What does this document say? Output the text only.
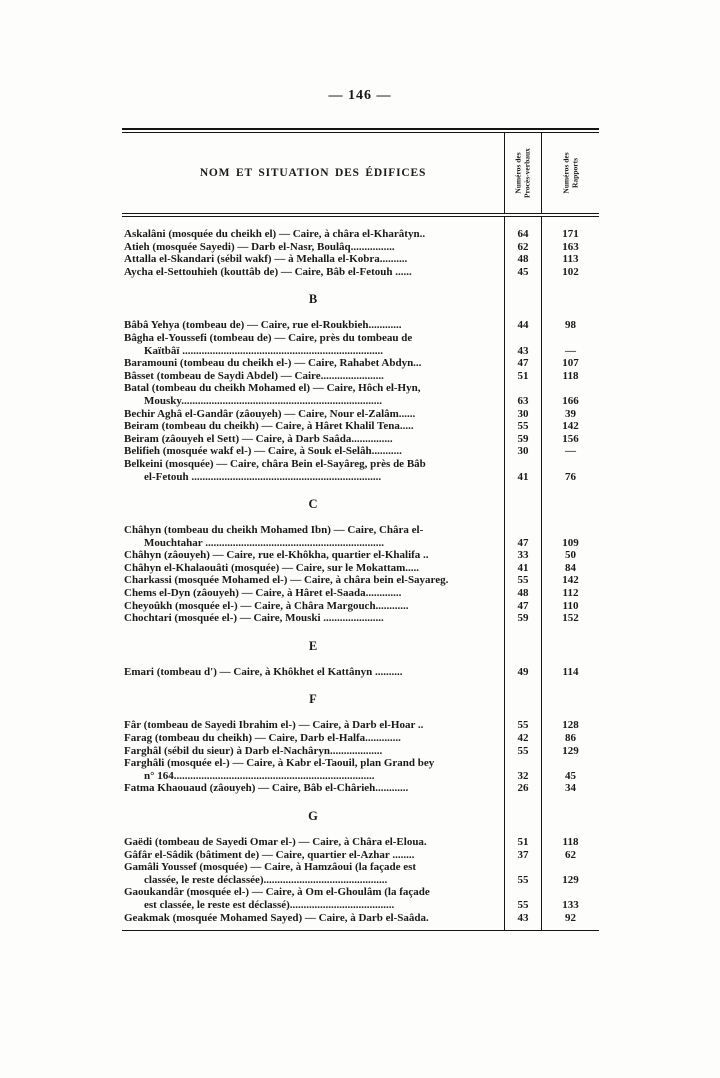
— 146 —
NOM ET SITUATION DES ÉDIFICES	Numéros des Procès-verbaux	Numéros des Rapports
Askalâni (mosquée du cheikh el) — Caire, à châra el-Kharâtyn..	64	171
Atieh (mosquée Sayedi) — Darb el-Nasr, Boulâq................	62	163
Attalla el-Skandari (sébil wakf) — à Mehalla el-Kobra..........	48	113
Aycha el-Settouhieh (kouttâb de) — Caire, Bâb el-Fetouh ......	45	102
B
Bâbâ Yehya (tombeau de) — Caire, rue el-Roukbieh............	44	98
Bâgha el-Youssefi (tombeau de) — Caire, près du tombeau de
Kaïtbâï .........................................................................	43	—
Baramouni (tombeau du cheikh el-) — Caire, Rahabet Abdyn...	47	107
Bâsset (tombeau de Saydi Abdel) — Caire.......................	51	118
Batal (tombeau du cheikh Mohamed el) — Caire, Hôch el-Hyn,
Mousky.........................................................................	63	166
Bechir Aghâ el-Gandâr (zâouyeh) — Caire, Nour el-Zalâm......	30	39
Beiram (tombeau du cheikh) — Caire, à Hâret Khalil Tena.....	55	142
Beiram (zâouyeh el Sett) — Caire, à Darb Saâda...............	59	156
Belifieh (mosquée wakf el-) — Caire, à Souk el-Selâh...........	30	—
Belkeini (mosquée) — Caire, châra Bein el-Sayâreg, près de Bâb
el-Fetouh .....................................................................	41	76
C
Châhyn (tombeau du cheikh Mohamed Ibn) — Caire, Châra el-
Mouchtahar .................................................................	47	109
Châhyn (zâouyeh) — Caire, rue el-Khôkha, quartier el-Khalifa ..	33	50
Châhyn el-Khalaouâti (mosquée) — Caire, sur le Mokattam.....	41	84
Charkassi (mosquée Mohamed el-) — Caire, à châra bein el-Sayareg.	55	142
Chems el-Dyn (zâouyeh) — Caire, à Hâret el-Saada.............	48	112
Cheyoûkh (mosquée el-) — Caire, à Châra Margouch............	47	110
Chochtari (mosquée el-) — Caire, Mouski ......................	59	152
E
Emari (tombeau d') — Caire, à Khôkhet el Kattânyn ..........	49	114
F
Fâr (tombeau de Sayedi Ibrahim el-) — Caire, à Darb el-Hoar ..	55	128
Farag (tombeau du cheikh) — Caire, Darb el-Halfa.............	42	86
Farghâl (sébil du sieur) à Darb el-Nachâryn...................	55	129
Farghâli (mosquée el-) — Caire, à Kabr el-Taouil, plan Grand bey
n° 164.........................................................................	32	45
Fatma Khaouaud (zâouyeh) — Caire, Bâb el-Chârieh............	26	34
G
Gaëdi (tombeau de Sayedi Omar el-) — Caire, à Châra el-Eloua.	51	118
Gâfâr el-Sâdik (bâtiment de) — Caire, quartier el-Azhar ........	37	62
Gamâli Youssef (mosquée) — Caire, à Hamzâoui (la façade est
classée, le reste déclassée).............................................	55	129
Gaoukandâr (mosquée el-) — Caire, à Om el-Ghoulâm (la façade
est classée, le reste est déclassé)......................................	55	133
Geakmak (mosquée Mohamed Sayed) — Caire, à Darb el-Saâda.	43	92
